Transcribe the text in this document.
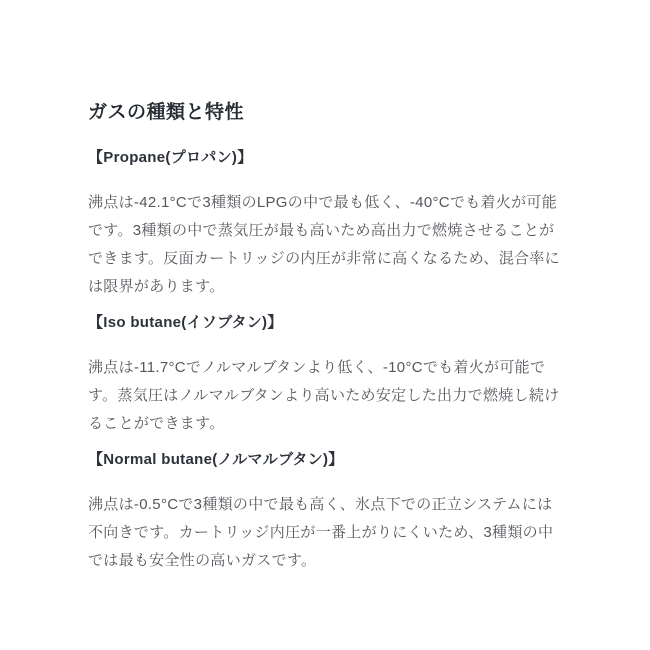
ガスの種類と特性
【Propane(プロパン)】

沸点は-42.1°Cで3種類のLPGの中で最も低く、-40°Cでも着火が可能です。3種類の中で蒸気圧が最も高いため高出力で燃焼させることができます。反面カートリッジの内圧が非常に高くなるため、混合率には限界があります。

【Iso butane(イソブタン)】

沸点は-11.7°Cでノルマルブタンより低く、-10°Cでも着火が可能です。蒸気圧はノルマルブタンより高いため安定した出力で燃焼し続けることができます。

【Normal butane(ノルマルブタン)】

沸点は-0.5°Cで3種類の中で最も高く、氷点下での正立システムには不向きです。カートリッジ内圧が一番上がりにくいため、3種類の中では最も安全性の高いガスです。
